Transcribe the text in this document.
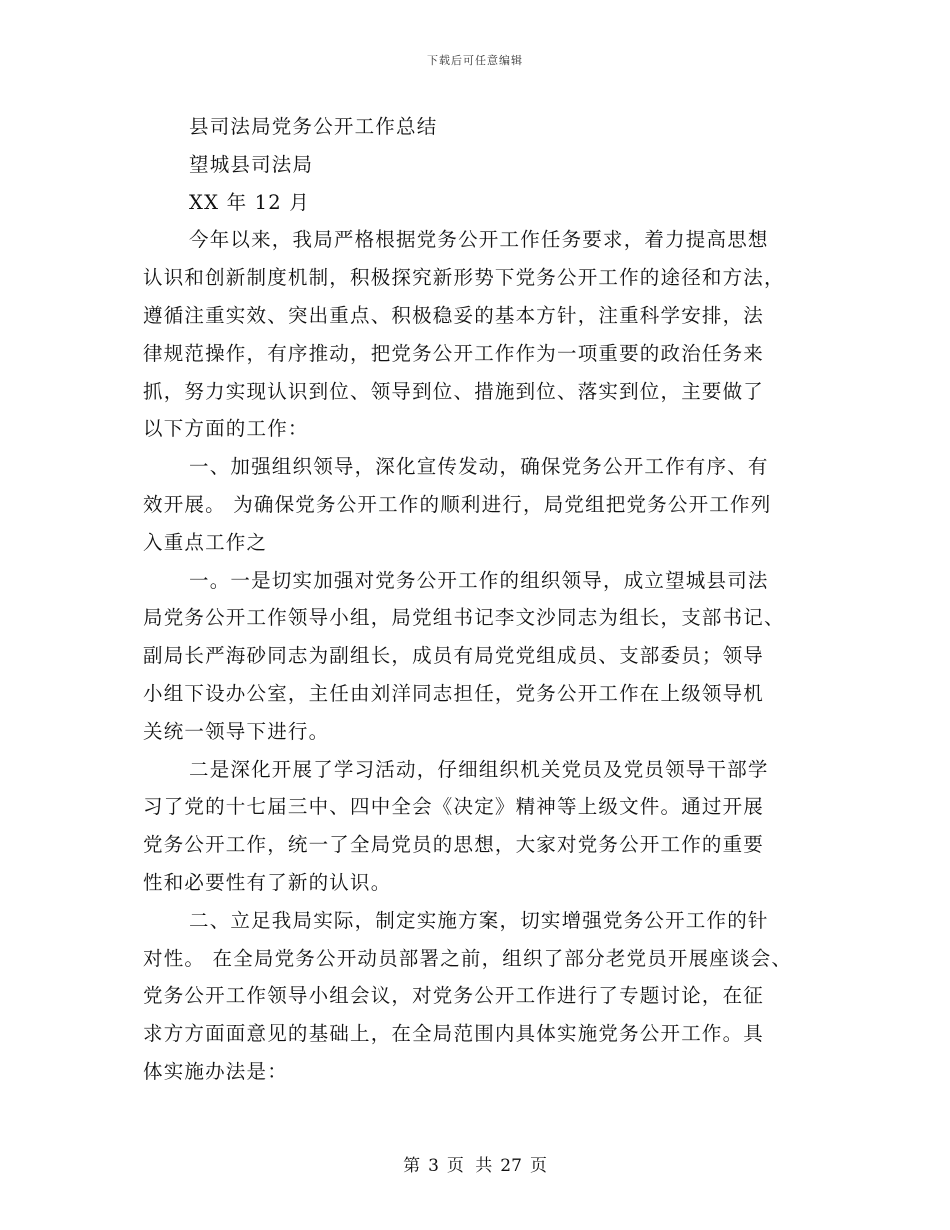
下载后可任意编辑
县司法局党务公开工作总结
望城县司法局
XX 年 12 月
今年以来，我局严格根据党务公开工作任务要求，着力提高思想
认识和创新制度机制，积极探究新形势下党务公开工作的途径和方法，
遵循注重实效、突出重点、积极稳妥的基本方针，注重科学安排，法
律规范操作，有序推动，把党务公开工作作为一项重要的政治任务来
抓，努力实现认识到位、领导到位、措施到位、落实到位，主要做了
以下方面的工作：
一、加强组织领导，深化宣传发动，确保党务公开工作有序、有
效开展。 为确保党务公开工作的顺利进行，局党组把党务公开工作列
入重点工作之
一。一是切实加强对党务公开工作的组织领导，成立望城县司法
局党务公开工作领导小组，局党组书记李文沙同志为组长，支部书记、
副局长严海砂同志为副组长，成员有局党党组成员、支部委员；领导
小组下设办公室，主任由刘洋同志担任，党务公开工作在上级领导机
关统一领导下进行。
二是深化开展了学习活动，仔细组织机关党员及党员领导干部学
习了党的十七届三中、四中全会《决定》精神等上级文件。通过开展
党务公开工作，统一了全局党员的思想，大家对党务公开工作的重要
性和必要性有了新的认识。
二、立足我局实际，制定实施方案，切实增强党务公开工作的针
对性。 在全局党务公开动员部署之前，组织了部分老党员开展座谈会、
党务公开工作领导小组会议，对党务公开工作进行了专题讨论，在征
求方方面面意见的基础上，在全局范围内具体实施党务公开工作。具
体实施办法是：
第 3 页 共 27 页
